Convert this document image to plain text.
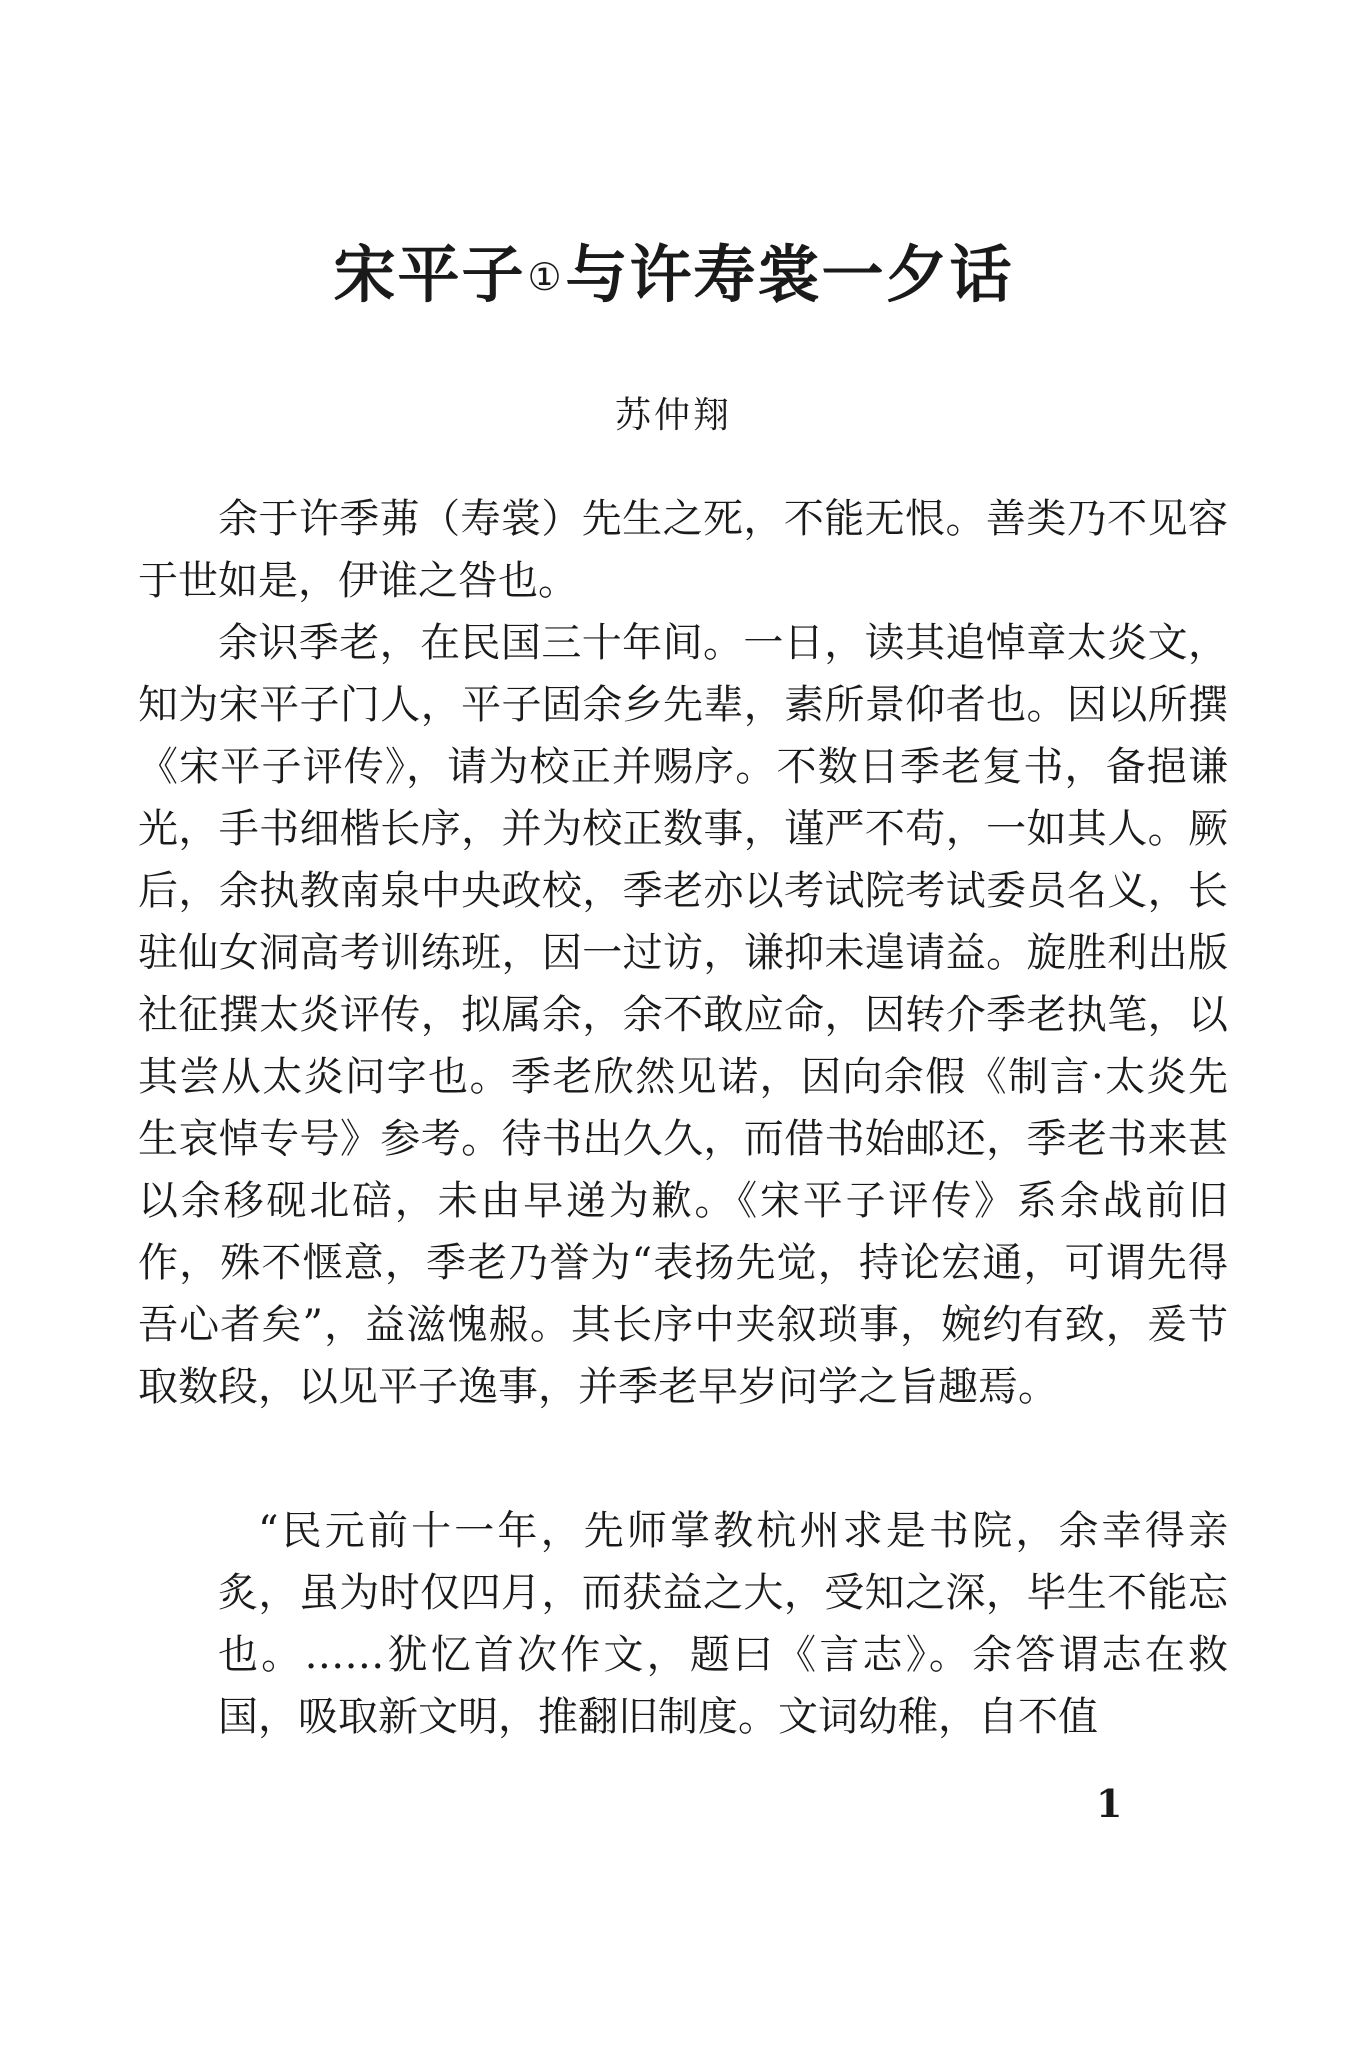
宋平子①与许寿裳一夕话
苏仲翔

余于许季茀（寿裳）先生之死，不能无恨。善类乃不见容于世如是，伊谁之咎也。

余识季老，在民国三十年间。一日，读其追悼章太炎文，知为宋平子门人，平子固余乡先辈，素所景仰者也。因以所撰《宋平子评传》，请为校正并赐序。不数日季老复书，备挹谦光，手书细楷长序，并为校正数事，谨严不苟，一如其人。厥后，余执教南泉中央政校，季老亦以考试院考试委员名义，长驻仙女洞高考训练班，因一过访，谦抑未遑请益。旋胜利出版社征撰太炎评传，拟属余，余不敢应命，因转介季老执笔，以其尝从太炎问字也。季老欣然见诺，因向余假《制言·太炎先生哀悼专号》参考。待书出久久，而借书始邮还，季老书来甚以余移砚北碚，未由早递为歉。《宋平子评传》系余战前旧作，殊不惬意，季老乃誉为“表扬先觉，持论宏通，可谓先得吾心者矣”，益滋愧赧。其长序中夹叙琐事，婉约有致，爰节取数段，以见平子逸事，并季老早岁问学之旨趣焉。

“民元前十一年，先师掌教杭州求是书院，余幸得亲炙，虽为时仅四月，而获益之大，受知之深，毕生不能忘也。……犹忆首次作文，题曰《言志》。余答谓志在救国，吸取新文明，推翻旧制度。文词幼稚，自不值

1
